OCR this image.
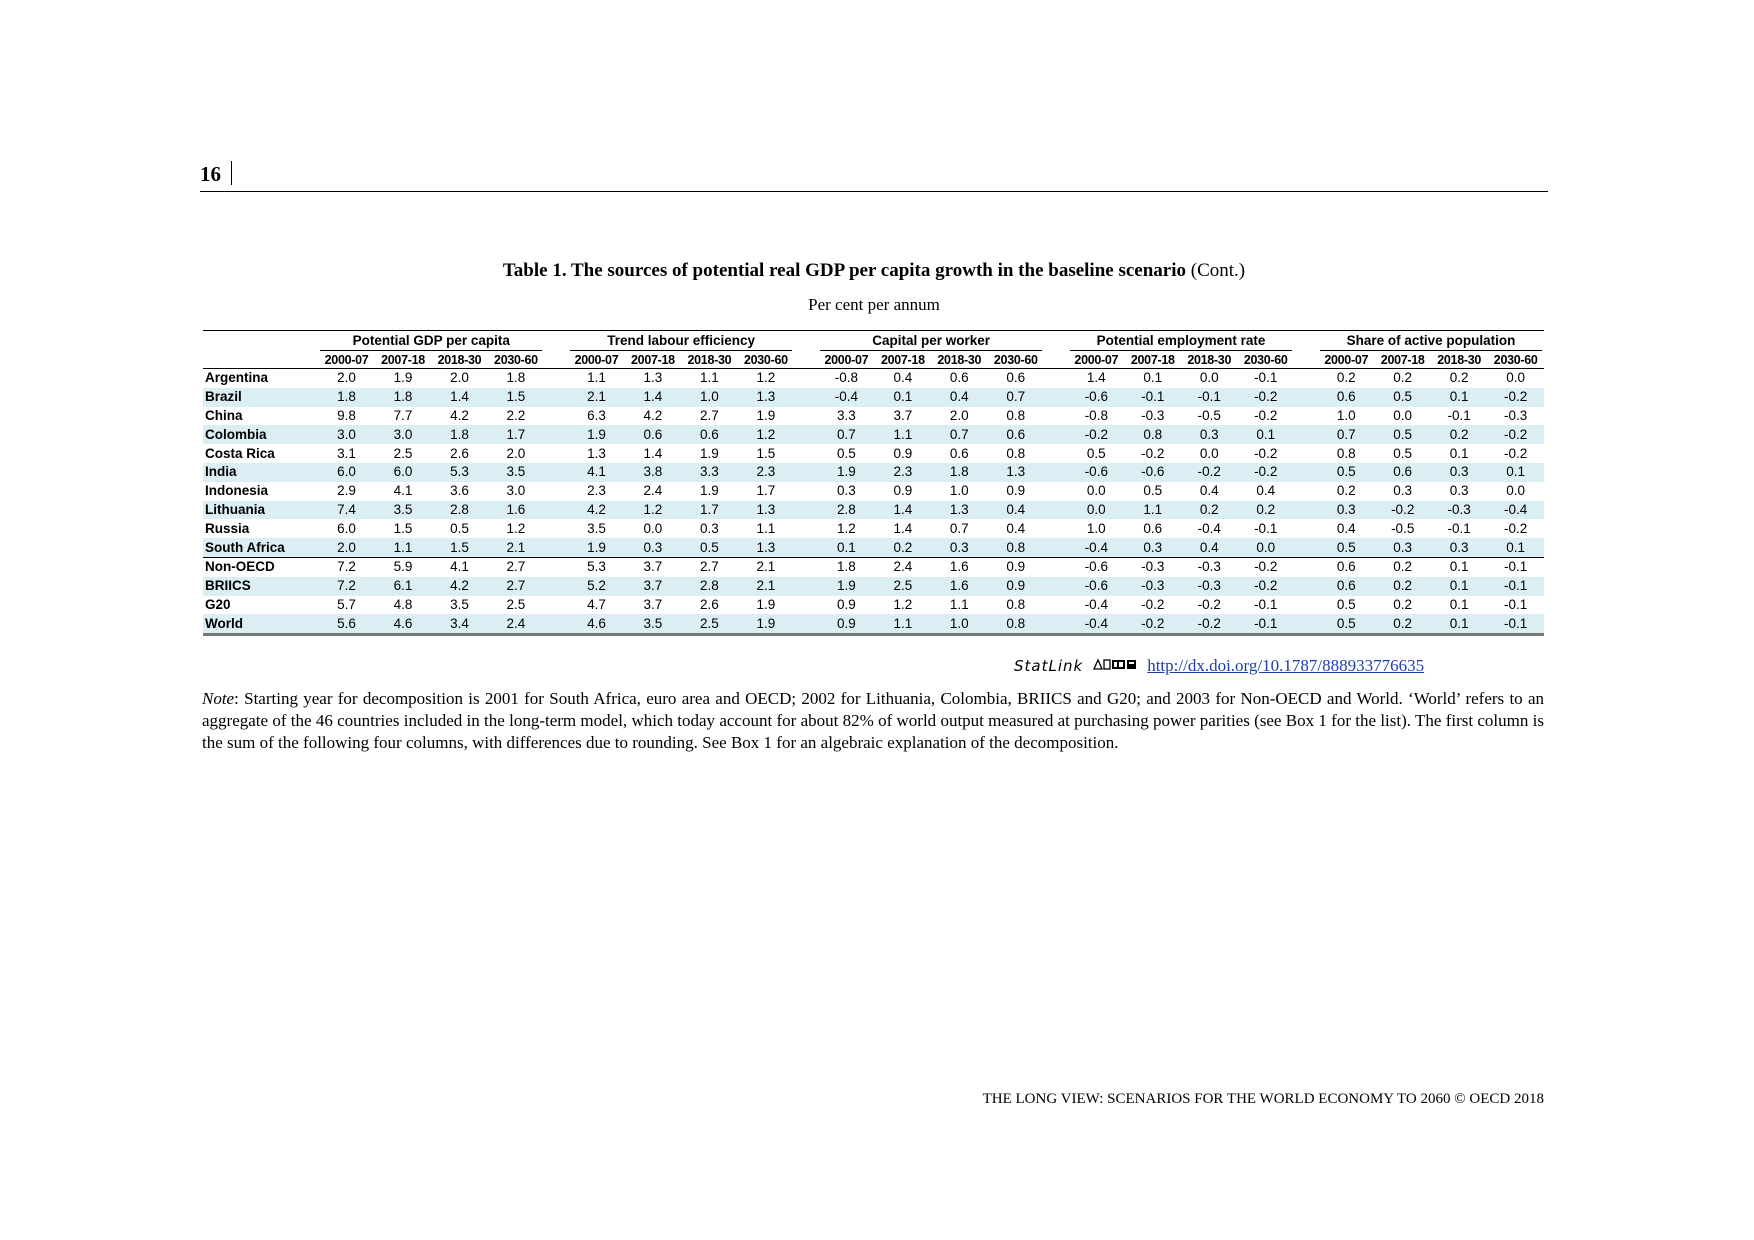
16
Table 1. The sources of potential real GDP per capita growth in the baseline scenario (Cont.)
Per cent per annum

	Potential GDP per capita					Trend labour efficiency					Capital per worker					Potential employment rate					Share of active population			

	2000-07	2007-18	2018-30	2030-60		2000-07	2007-18	2018-30	2030-60		2000-07	2007-18	2018-30	2030-60		2000-07	2007-18	2018-30	2030-60		2000-07	2007-18	2018-30	2030-60
Argentina	2.0	1.9	2.0	1.8		1.1	1.3	1.1	1.2		-0.8	0.4	0.6	0.6		1.4	0.1	0.0	-0.1		0.2	0.2	0.2	0.0
Brazil	1.8	1.8	1.4	1.5		2.1	1.4	1.0	1.3		-0.4	0.1	0.4	0.7		-0.6	-0.1	-0.1	-0.2		0.6	0.5	0.1	-0.2
China	9.8	7.7	4.2	2.2		6.3	4.2	2.7	1.9		3.3	3.7	2.0	0.8		-0.8	-0.3	-0.5	-0.2		1.0	0.0	-0.1	-0.3
Colombia	3.0	3.0	1.8	1.7		1.9	0.6	0.6	1.2		0.7	1.1	0.7	0.6		-0.2	0.8	0.3	0.1		0.7	0.5	0.2	-0.2
Costa Rica	3.1	2.5	2.6	2.0		1.3	1.4	1.9	1.5		0.5	0.9	0.6	0.8		0.5	-0.2	0.0	-0.2		0.8	0.5	0.1	-0.2
India	6.0	6.0	5.3	3.5		4.1	3.8	3.3	2.3		1.9	2.3	1.8	1.3		-0.6	-0.6	-0.2	-0.2		0.5	0.6	0.3	0.1
Indonesia	2.9	4.1	3.6	3.0		2.3	2.4	1.9	1.7		0.3	0.9	1.0	0.9		0.0	0.5	0.4	0.4		0.2	0.3	0.3	0.0
Lithuania	7.4	3.5	2.8	1.6		4.2	1.2	1.7	1.3		2.8	1.4	1.3	0.4		0.0	1.1	0.2	0.2		0.3	-0.2	-0.3	-0.4
Russia	6.0	1.5	0.5	1.2		3.5	0.0	0.3	1.1		1.2	1.4	0.7	0.4		1.0	0.6	-0.4	-0.1		0.4	-0.5	-0.1	-0.2
South Africa	2.0	1.1	1.5	2.1		1.9	0.3	0.5	1.3		0.1	0.2	0.3	0.8		-0.4	0.3	0.4	0.0		0.5	0.3	0.3	0.1
Non-OECD	7.2	5.9	4.1	2.7		5.3	3.7	2.7	2.1		1.8	2.4	1.6	0.9		-0.6	-0.3	-0.3	-0.2		0.6	0.2	0.1	-0.1
BRIICS	7.2	6.1	4.2	2.7		5.2	3.7	2.8	2.1		1.9	2.5	1.6	0.9		-0.6	-0.3	-0.3	-0.2		0.6	0.2	0.1	-0.1
G20	5.7	4.8	3.5	2.5		4.7	3.7	2.6	1.9		0.9	1.2	1.1	0.8		-0.4	-0.2	-0.2	-0.1		0.5	0.2	0.1	-0.1
World	5.6	4.6	3.4	2.4		4.6	3.5	2.5	1.9		0.9	1.1	1.0	0.8		-0.4	-0.2	-0.2	-0.1		0.5	0.2	0.1	-0.1
StatLink	http://dx.doi.org/10.1787/888933776635
Note: Starting year for decomposition is 2001 for South Africa, euro area and OECD; 2002 for Lithuania, Colombia, BRIICS and G20; and 2003 for Non-OECD and World. ‘World’ refers to an aggregate of the 46 countries included in the long-term model, which today account for about 82% of world output measured at purchasing power parities (see Box 1 for the list). The first column is the sum of the following four columns, with differences due to rounding. See Box 1 for an algebraic explanation of the decomposition.
THE LONG VIEW: SCENARIOS FOR THE WORLD ECONOMY TO 2060 © OECD 2018
